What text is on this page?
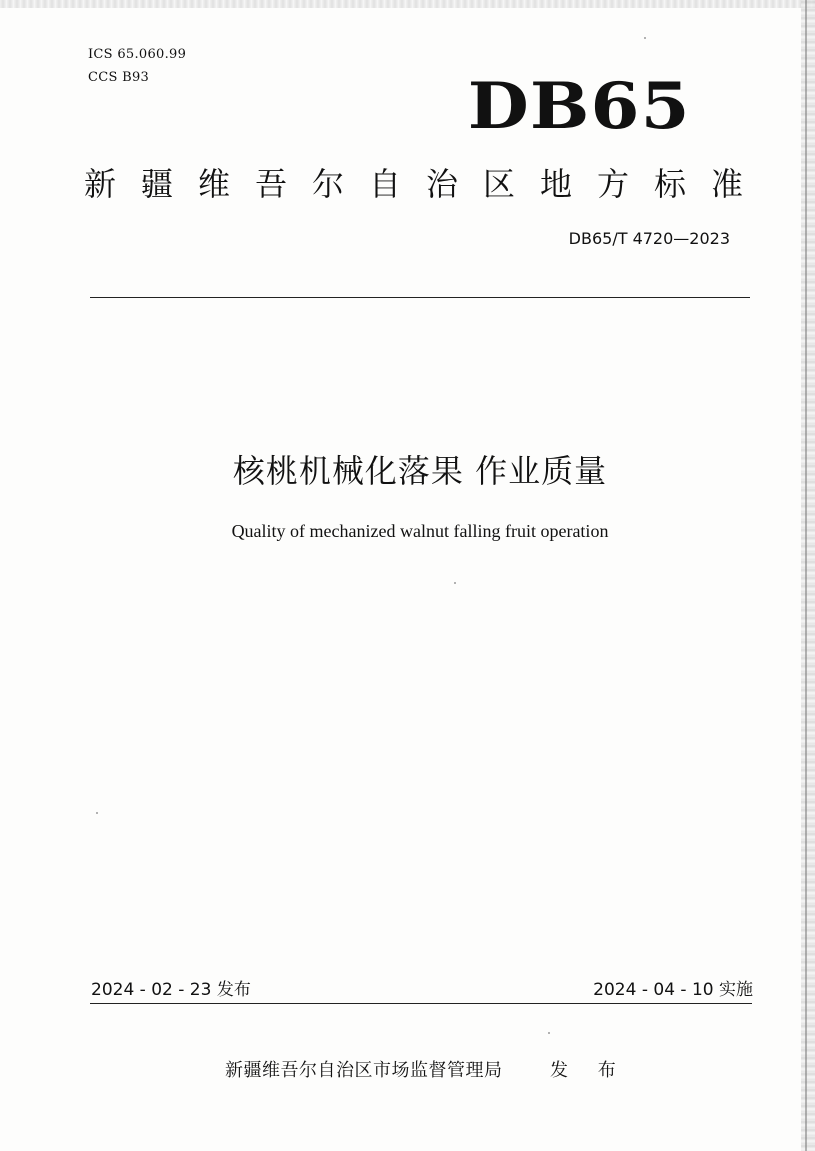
ICS 65.060.99
CCS B93	DB65
新疆维吾尔自治区地方标准
DB65/T 4720—2023
核桃机械化落果 作业质量
Quality of mechanized walnut falling fruit operation
2024 - 02 - 23 发布	2024 - 04 - 10 实施
新疆维吾尔自治区市场监督管理局	发 布
